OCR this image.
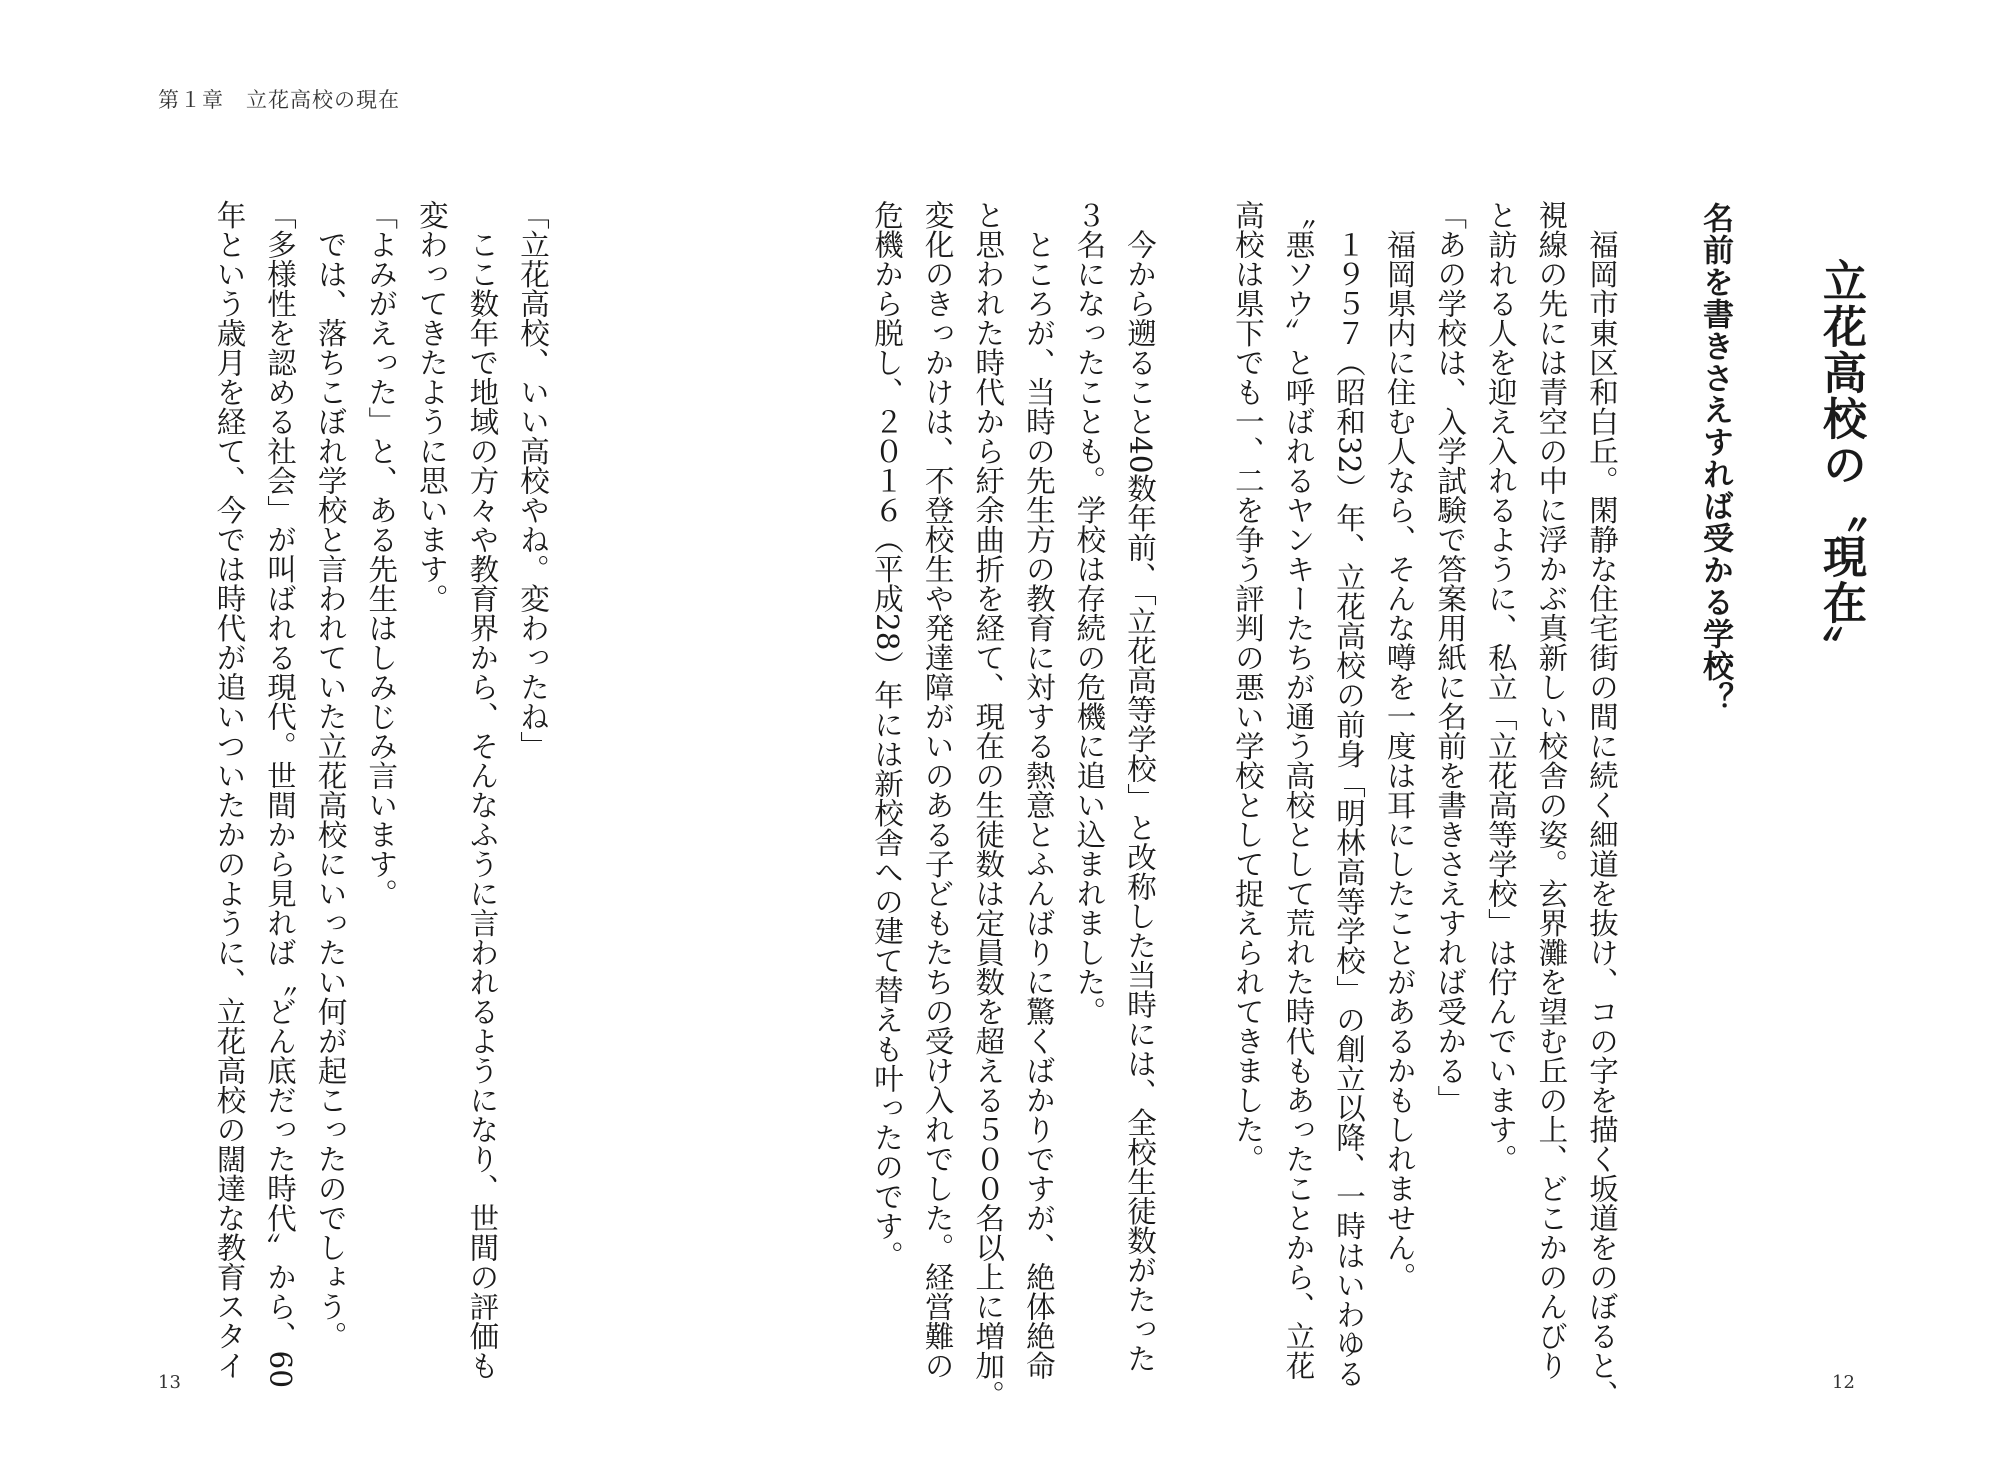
第１章　立花高校の現在
立花高校の〝現在〟
名前を書きさえすれば受かる学校？
　福岡市東区和白丘。閑静な住宅街の間に続く細道を抜け、コの字を描く坂道をのぼると、
視線の先には青空の中に浮かぶ真新しい校舎の姿。玄界灘を望む丘の上、どこかのんびり
と訪れる人を迎え入れるように、私立「立花高等学校」は佇んでいます。
「あの学校は、入学試験で答案用紙に名前を書きさえすれば受かる」
　福岡県内に住む人なら、そんな噂を一度は耳にしたことがあるかもしれません。
　１９５７（昭和32）年、立花高校の前身「明林高等学校」の創立以降、一時はいわゆる
〝悪ソウ〟と呼ばれるヤンキーたちが通う高校として荒れた時代もあったことから、立花
高校は県下でも一、二を争う評判の悪い学校として捉えられてきました。
　今から遡ること40数年前、「立花高等学校」と改称した当時には、全校生徒数がたった
３名になったことも。学校は存続の危機に追い込まれました。
　ところが、当時の先生方の教育に対する熱意とふんばりに驚くばかりですが、絶体絶命
と思われた時代から紆余曲折を経て、現在の生徒数は定員数を超える５００名以上に増加。
変化のきっかけは、不登校生や発達障がいのある子どもたちの受け入れでした。経営難の
危機から脱し、２０１６（平成28）年には新校舎への建て替えも叶ったのです。
「立花高校、いい高校やね。変わったね」
　ここ数年で地域の方々や教育界から、そんなふうに言われるようになり、世間の評価も
変わってきたように思います。
「よみがえった」と、ある先生はしみじみ言います。
　では、落ちこぼれ学校と言われていた立花高校にいったい何が起こったのでしょう。
「多様性を認める社会」が叫ばれる現代。世間から見れば〝どん底だった時代〟から、60
年という歳月を経て、今では時代が追いついたかのように、立花高校の闊達な教育スタイ
13	12
